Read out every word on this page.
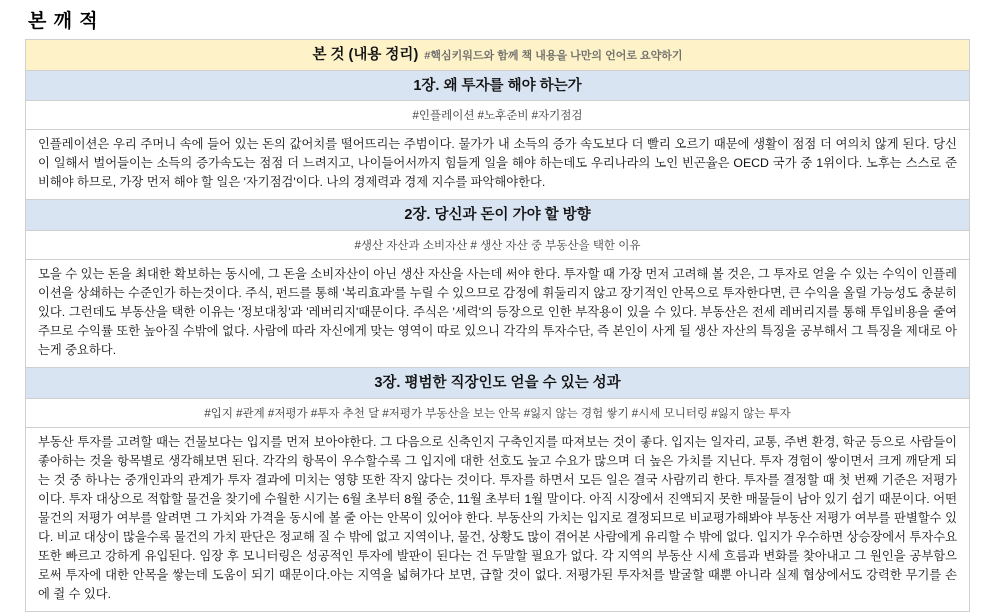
본 깨 적
본 것 (내용 정리) #핵심키워드와 함께 책 내용을 나만의 언어로 요약하기
1장. 왜 투자를 해야 하는가
#인플레이션 #노후준비 #자기점검
인플레이션은 우리 주머니 속에 들어 있는 돈의 값어치를 떨어뜨리는 주범이다. 물가가 내 소득의 증가 속도보다 더 빨리 오르기 때문에 생활이 점점 더 여의치 않게 된다. 당신이 일해서 벌어들이는 소득의 증가속도는 점점 더 느려지고, 나이들어서까지 힘들게 일을 해야 하는데도 우리나라의 노인 빈곤율은 OECD 국가 중 1위이다. 노후는 스스로 준비해야 하므로, 가장 먼저 해야 할 일은 '자기점검'이다. 나의 경제력과 경제 지수를 파악해야한다.
2장. 당신과 돈이 가야 할 방향
#생산 자산과 소비자산 # 생산 자산 중 부동산을 택한 이유
모을 수 있는 돈을 최대한 확보하는 동시에, 그 돈을 소비자산이 아닌 생산 자산을 사는데 써야 한다. 투자할 때 가장 먼저 고려해 볼 것은, 그 투자로 얻을 수 있는 수익이 인플레이션을 상쇄하는 수준인가 하는것이다. 주식, 펀드를 통해 '복리효과'를 누릴 수 있으므로 감정에 휘둘리지 않고 장기적인 안목으로 투자한다면, 큰 수익을 올릴 가능성도 충분히 있다. 그런데도 부동산을 택한 이유는 '정보대칭'과 '레버리지'때문이다. 주식은 '세력'의 등장으로 인한 부작용이 있을 수 있다. 부동산은 전세 레버리지를 통해 투입비용을 줄여주므로 수익률 또한 높아질 수밖에 없다. 사람에 따라 자신에게 맞는 영역이 따로 있으니 각각의 투자수단, 즉 본인이 사게 될 생산 자산의 특징을 공부해서 그 특징을 제대로 아는게 중요하다.
3장. 평범한 직장인도 얻을 수 있는 성과
#입지 #관계 #저평가 #투자 추천 달 #저평가 부동산을 보는 안목 #잃지 않는 경험 쌓기 #시세 모니터링 #잃지 않는 투자
부동산 투자를 고려할 때는 건물보다는 입지를 먼저 보아야한다. 그 다음으로 신축인지 구축인지를 따져보는 것이 좋다. 입지는 일자리, 교통, 주변 환경, 학군 등으로 사람들이 좋아하는 것을 항목별로 생각해보면 된다. 각각의 항목이 우수할수록 그 입지에 대한 선호도 높고 수요가 많으며 더 높은 가치를 지닌다. 투자 경험이 쌓이면서 크게 깨닫게 되는 것 중 하나는 중개인과의 관계가 투자 결과에 미치는 영향 또한 작지 않다는 것이다. 투자를 하면서 모든 일은 결국 사람끼리 한다. 투자를 결정할 때 첫 번째 기준은 저평가 이다. 투자 대상으로 적합할 물건을 찾기에 수월한 시기는 6월 초부터 8월 중순, 11월 초부터 1월 말이다. 아직 시장에서 진액되지 못한 매물들이 남아 있기 쉽기 때문이다. 어떤 물건의 저평가 여부를 알려면 그 가치와 가격을 동시에 볼 줄 아는 안목이 있어야 한다. 부동산의 가치는 입지로 결정되므로 비교평가해봐야 부동산 저평가 여부를 판별할수 있다. 비교 대상이 많을수록 물건의 가치 판단은 정교해 질 수 밖에 없고 지역이나, 물건, 상황도 많이 겪어본 사람에게 유리할 수 밖에 없다. 입지가 우수하면 상승장에서 투자수요 또한 빠르고 강하게 유입된다. 임장 후 모니터링은 성공적인 투자에 발판이 된다는 건 두말할 필요가 없다. 각 지역의 부동산 시세 흐름과 변화를 찾아내고 그 원인을 공부함으로써 투자에 대한 안목을 쌓는데 도움이 되기 때문이다.아는 지역을 넓혀가다 보면, 급할 것이 없다. 저평가된 투자처를 발굴할 때뿐 아니라 실제 협상에서도 강력한 무기를 손에 쥘 수 있다.
